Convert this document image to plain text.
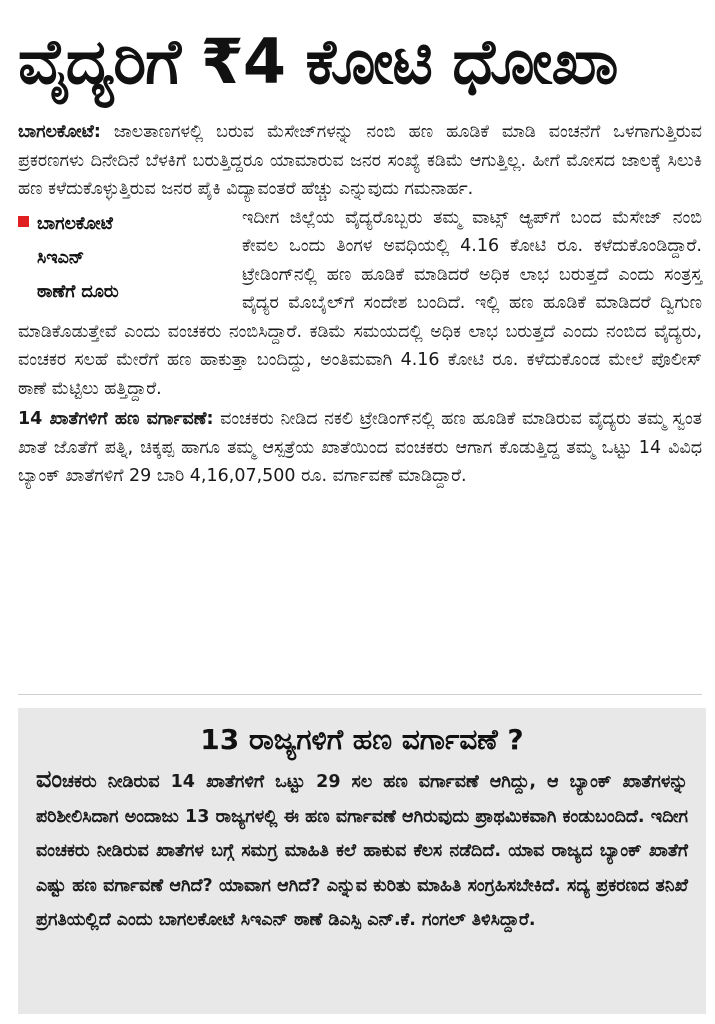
ವೈದ್ಯರಿಗೆ ₹4 ಕೋಟಿ ಧೋಖಾ

ಬಾಗಲಕೋಟೆ: ಜಾಲತಾಣಗಳಲ್ಲಿ ಬರುವ ಮೆಸೇಜ್‌ಗಳನ್ನು ನಂಬಿ ಹಣ ಹೂಡಿಕೆ ಮಾಡಿ ವಂಚನೆಗೆ ಒಳಗಾಗುತ್ತಿರುವ ಪ್ರಕರಣಗಳು ದಿನೇದಿನೆ ಬೆಳಕಿಗೆ ಬರುತ್ತಿದ್ದರೂ ಯಾಮಾರುವ ಜನರ ಸಂಖ್ಯೆ ಕಡಿಮೆ ಆಗುತ್ತಿಲ್ಲ. ಹೀಗೆ ಮೋಸದ ಜಾಲಕ್ಕೆ ಸಿಲುಕಿ ಹಣ ಕಳೆದುಕೊಳ್ಳುತ್ತಿರುವ ಜನರ ಪೈಕಿ ವಿದ್ಯಾವಂತರೆ ಹೆಚ್ಚು ಎನ್ನುವುದು ಗಮನಾರ್ಹ.

ಬಾಗಲಕೋಟೆ
ಸಿಇಎನ್
ಠಾಣೆಗೆ ದೂರು

ಇದೀಗ ಜಿಲ್ಲೆಯ ವೈದ್ಯರೊಬ್ಬರು ತಮ್ಮ ವಾಟ್ಸ್ ಆ್ಯಪ್‌ಗೆ ಬಂದ ಮೆಸೇಜ್ ನಂಬಿ ಕೇವಲ ಒಂದು ತಿಂಗಳ ಅವಧಿಯಲ್ಲಿ 4.16 ಕೋಟಿ ರೂ. ಕಳೆದುಕೊಂಡಿದ್ದಾರೆ. ಟ್ರೇಡಿಂಗ್‌ನಲ್ಲಿ ಹಣ ಹೂಡಿಕೆ ಮಾಡಿದರೆ ಅಧಿಕ ಲಾಭ ಬರುತ್ತದೆ ಎಂದು ಸಂತ್ರಸ್ತ ವೈದ್ಯರ ಮೊಬೈಲ್‌ಗೆ ಸಂದೇಶ ಬಂದಿದೆ. ಇಲ್ಲಿ ಹಣ ಹೂಡಿಕೆ ಮಾಡಿದರೆ ದ್ವಿಗುಣ ಮಾಡಿಕೊಡುತ್ತೇವೆ ಎಂದು ವಂಚಕರು ನಂಬಿಸಿದ್ದಾರೆ. ಕಡಿಮೆ ಸಮಯದಲ್ಲಿ ಅಧಿಕ ಲಾಭ ಬರುತ್ತದೆ ಎಂದು ನಂಬಿದ ವೈದ್ಯರು, ವಂಚಕರ ಸಲಹೆ ಮೇರೆಗೆ ಹಣ ಹಾಕುತ್ತಾ ಬಂದಿದ್ದು, ಅಂತಿಮವಾಗಿ 4.16 ಕೋಟಿ ರೂ. ಕಳೆದುಕೊಂಡ ಮೇಲೆ ಪೊಲೀಸ್ ಠಾಣೆ ಮೆಟ್ಟಿಲು ಹತ್ತಿದ್ದಾರೆ.

14 ಖಾತೆಗಳಿಗೆ ಹಣ ವರ್ಗಾವಣೆ: ವಂಚಕರು ನೀಡಿದ ನಕಲಿ ಟ್ರೇಡಿಂಗ್‌ನಲ್ಲಿ ಹಣ ಹೂಡಿಕೆ ಮಾಡಿರುವ ವೈದ್ಯರು ತಮ್ಮ ಸ್ವಂತ ಖಾತೆ ಜೊತೆಗೆ ಪತ್ನಿ, ಚಿಕ್ಕಪ್ಪ ಹಾಗೂ ತಮ್ಮ ಆಸ್ಪತ್ರೆಯ ಖಾತೆಯಿಂದ ವಂಚಕರು ಆಗಾಗ ಕೊಡುತ್ತಿದ್ದ ತಮ್ಮ ಒಟ್ಟು 14 ವಿವಿಧ ಬ್ಯಾಂಕ್ ಖಾತೆಗಳಿಗೆ 29 ಬಾರಿ 4,16,07,500 ರೂ. ವರ್ಗಾವಣೆ ಮಾಡಿದ್ದಾರೆ.

13 ರಾಜ್ಯಗಳಿಗೆ ಹಣ ವರ್ಗಾವಣೆ ?
ವಂಚಕರು ನೀಡಿರುವ 14 ಖಾತೆಗಳಿಗೆ ಒಟ್ಟು 29 ಸಲ ಹಣ ವರ್ಗಾವಣೆ ಆಗಿದ್ದು, ಆ ಬ್ಯಾಂಕ್ ಖಾತೆಗಳನ್ನು ಪರಿಶೀಲಿಸಿದಾಗ ಅಂದಾಜು 13 ರಾಜ್ಯಗಳಲ್ಲಿ ಈ ಹಣ ವರ್ಗಾವಣೆ ಆಗಿರುವುದು ಪ್ರಾಥಮಿಕವಾಗಿ ಕಂಡುಬಂದಿದೆ. ಇದೀಗ ವಂಚಕರು ನೀಡಿರುವ ಖಾತೆಗಳ ಬಗ್ಗೆ ಸಮಗ್ರ ಮಾಹಿತಿ ಕಲೆ ಹಾಕುವ ಕೆಲಸ ನಡೆದಿದೆ. ಯಾವ ರಾಜ್ಯದ ಬ್ಯಾಂಕ್ ಖಾತೆಗೆ ಎಷ್ಟು ಹಣ ವರ್ಗಾವಣೆ ಆಗಿದೆ? ಯಾವಾಗ ಆಗಿದೆ? ಎನ್ನುವ ಕುರಿತು ಮಾಹಿತಿ ಸಂಗ್ರಹಿಸಬೇಕಿದೆ. ಸದ್ಯ ಪ್ರಕರಣದ ತನಿಖೆ ಪ್ರಗತಿಯಲ್ಲಿದೆ ಎಂದು ಬಾಗಲಕೋಟೆ ಸಿಇಎನ್ ಠಾಣೆ ಡಿಎಸ್ಪಿ ಎನ್.ಕೆ. ಗಂಗಲ್ ತಿಳಿಸಿದ್ದಾರೆ.
